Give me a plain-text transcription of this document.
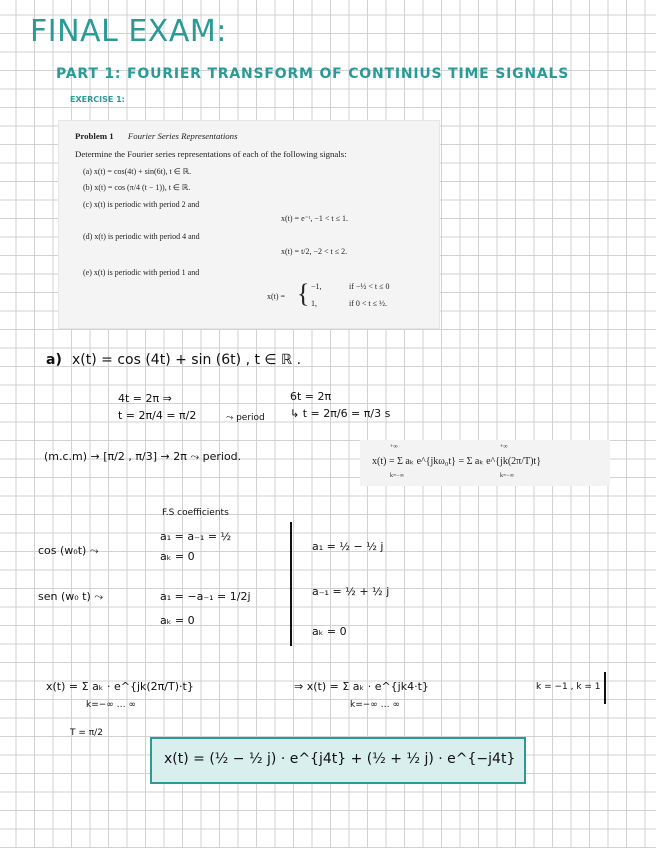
FINAL EXAM:
PART 1: FOURIER TRANSFORM OF CONTINIUS TIME SIGNALS
EXERCISE 1:
Problem 1 Fourier Series Representations
Determine the Fourier series representations of each of the following signals:
(a) x(t) = cos(4t) + sin(6t), t ∈ ℝ.
(b) x(t) = cos (π/4 (t − 1)), t ∈ ℝ.
(c) x(t) is periodic with period 2 and
x(t) = e⁻ᵗ, −1 < t ≤ 1.
(d) x(t) is periodic with period 4 and
x(t) = t/2, −2 < t ≤ 2.
(e) x(t) is periodic with period 1 and
x(t) = { −1,	if −½ < t ≤ 0
1,	if 0 < t ≤ ½.
a) x(t) = cos (4t) + sin (6t) , t ∈ ℝ .
4t = 2π ⇒
t = 2π/4 = π/2	⤳ period
6t = 2π
↳ t = 2π/6 = π/3 s
(m.c.m) → [π/2 , π/3] → 2π ⤳ period.
+∞	+∞
x(t) = Σ aₖ e^{jkω₀t} = Σ aₖ e^{jk(2π/T)t}
k=−∞	k=−∞
F.S coefficients
cos (w₀t) ⤳
a₁ = a₋₁ = ½
aₖ = 0
sen (w₀ t) ⤳	a₁ = −a₋₁ = 1/2j
aₖ = 0
a₁ = ½ − ½ j
a₋₁ = ½ + ½ j
aₖ = 0
x(t) = Σ aₖ · e^{jk(2π/T)·t}
k=−∞ … ∞
⇒ x(t) = Σ aₖ · e^{jk4·t}
k=−∞ … ∞
k = −1 , k = 1
T = π/2
x(t) = (½ − ½ j) · e^{j4t} + (½ + ½ j) · e^{−j4t}
